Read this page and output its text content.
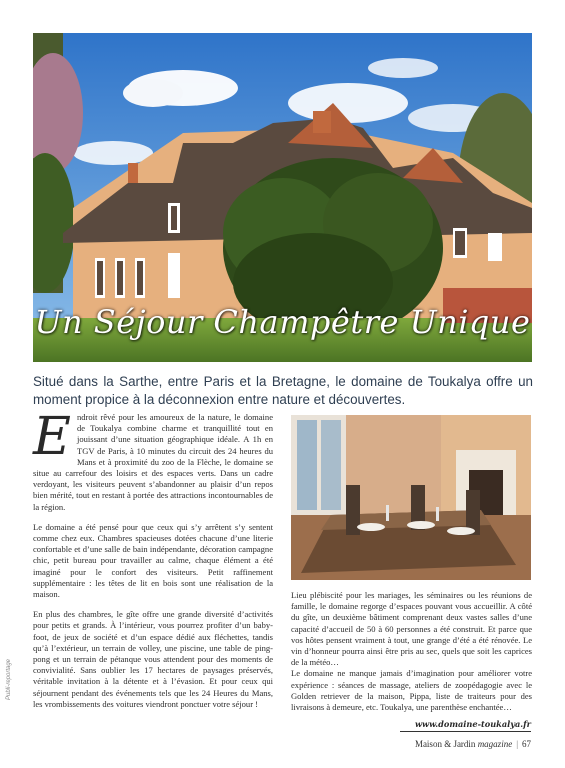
Un Séjour Champêtre Unique
Situé dans la Sarthe, entre Paris et la Bretagne, le domaine de Toukalya offre un moment propice à la déconnexion entre nature et découvertes.

Endroit rêvé pour les amoureux de la nature, le domaine de Toukalya combine charme et tranquillité tout en jouissant d’une situation géographique idéale. A 1h en TGV de Paris, à 10 minutes du circuit des 24 heures du Mans et à proximité du zoo de la Flèche, le domaine se situe au carrefour des loisirs et des espaces verts. Dans un cadre verdoyant, les visiteurs peuvent s’abandonner au plaisir d’un repos bien mérité, tout en restant à portée des attractions incontournables de la région.

Le domaine a été pensé pour que ceux qui s’y arrêtent s’y sentent comme chez eux. Chambres spacieuses dotées chacune d’une literie confortable et d’une salle de bain indépendante, décoration campagne chic, petit bureau pour travailler au calme, chaque élément a été imaginé pour le confort des visiteurs. Petit raffinement supplémentaire : les têtes de lit en bois sont une réalisation de la maison.

En plus des chambres, le gîte offre une grande diversité d’activités pour petits et grands. À l’intérieur, vous pourrez profiter d’un baby-foot, de jeux de société et d’un espace dédié aux fléchettes, tandis qu’à l’extérieur, un terrain de volley, une piscine, une table de ping-pong et un terrain de pétanque vous attendent pour des moments de convivialité. Sans oublier les 17 hectares de paysages préservés, véritable invitation à la détente et à l’évasion. Et pour ceux qui séjournent pendant des événements tels que les 24 Heures du Mans, les vrombissements des voitures viendront ponctuer votre séjour !

Lieu plébiscité pour les mariages, les séminaires ou les réunions de famille, le domaine regorge d’espaces pouvant vous accueillir. A côté du gîte, un deuxième bâtiment comprenant deux vastes salles d’une capacité d’accueil de 50 à 60 personnes a été construit. Et parce que vos hôtes pensent vraiment à tout, une grange d’été a été rénovée. Le vin d’honneur pourra ainsi être pris au sec, quels que soit les caprices de la météo…

Le domaine ne manque jamais d’imagination pour améliorer votre expérience : séances de massage, ateliers de zoopédagogie avec le Golden retriever de la maison, Pippa, liste de traiteurs pour des livraisons à demeure, etc. Toukalya, une parenthèse enchantée…

www.domaine-toukalya.fr
Publi-reportage
Maison & Jardin magazine | 67
